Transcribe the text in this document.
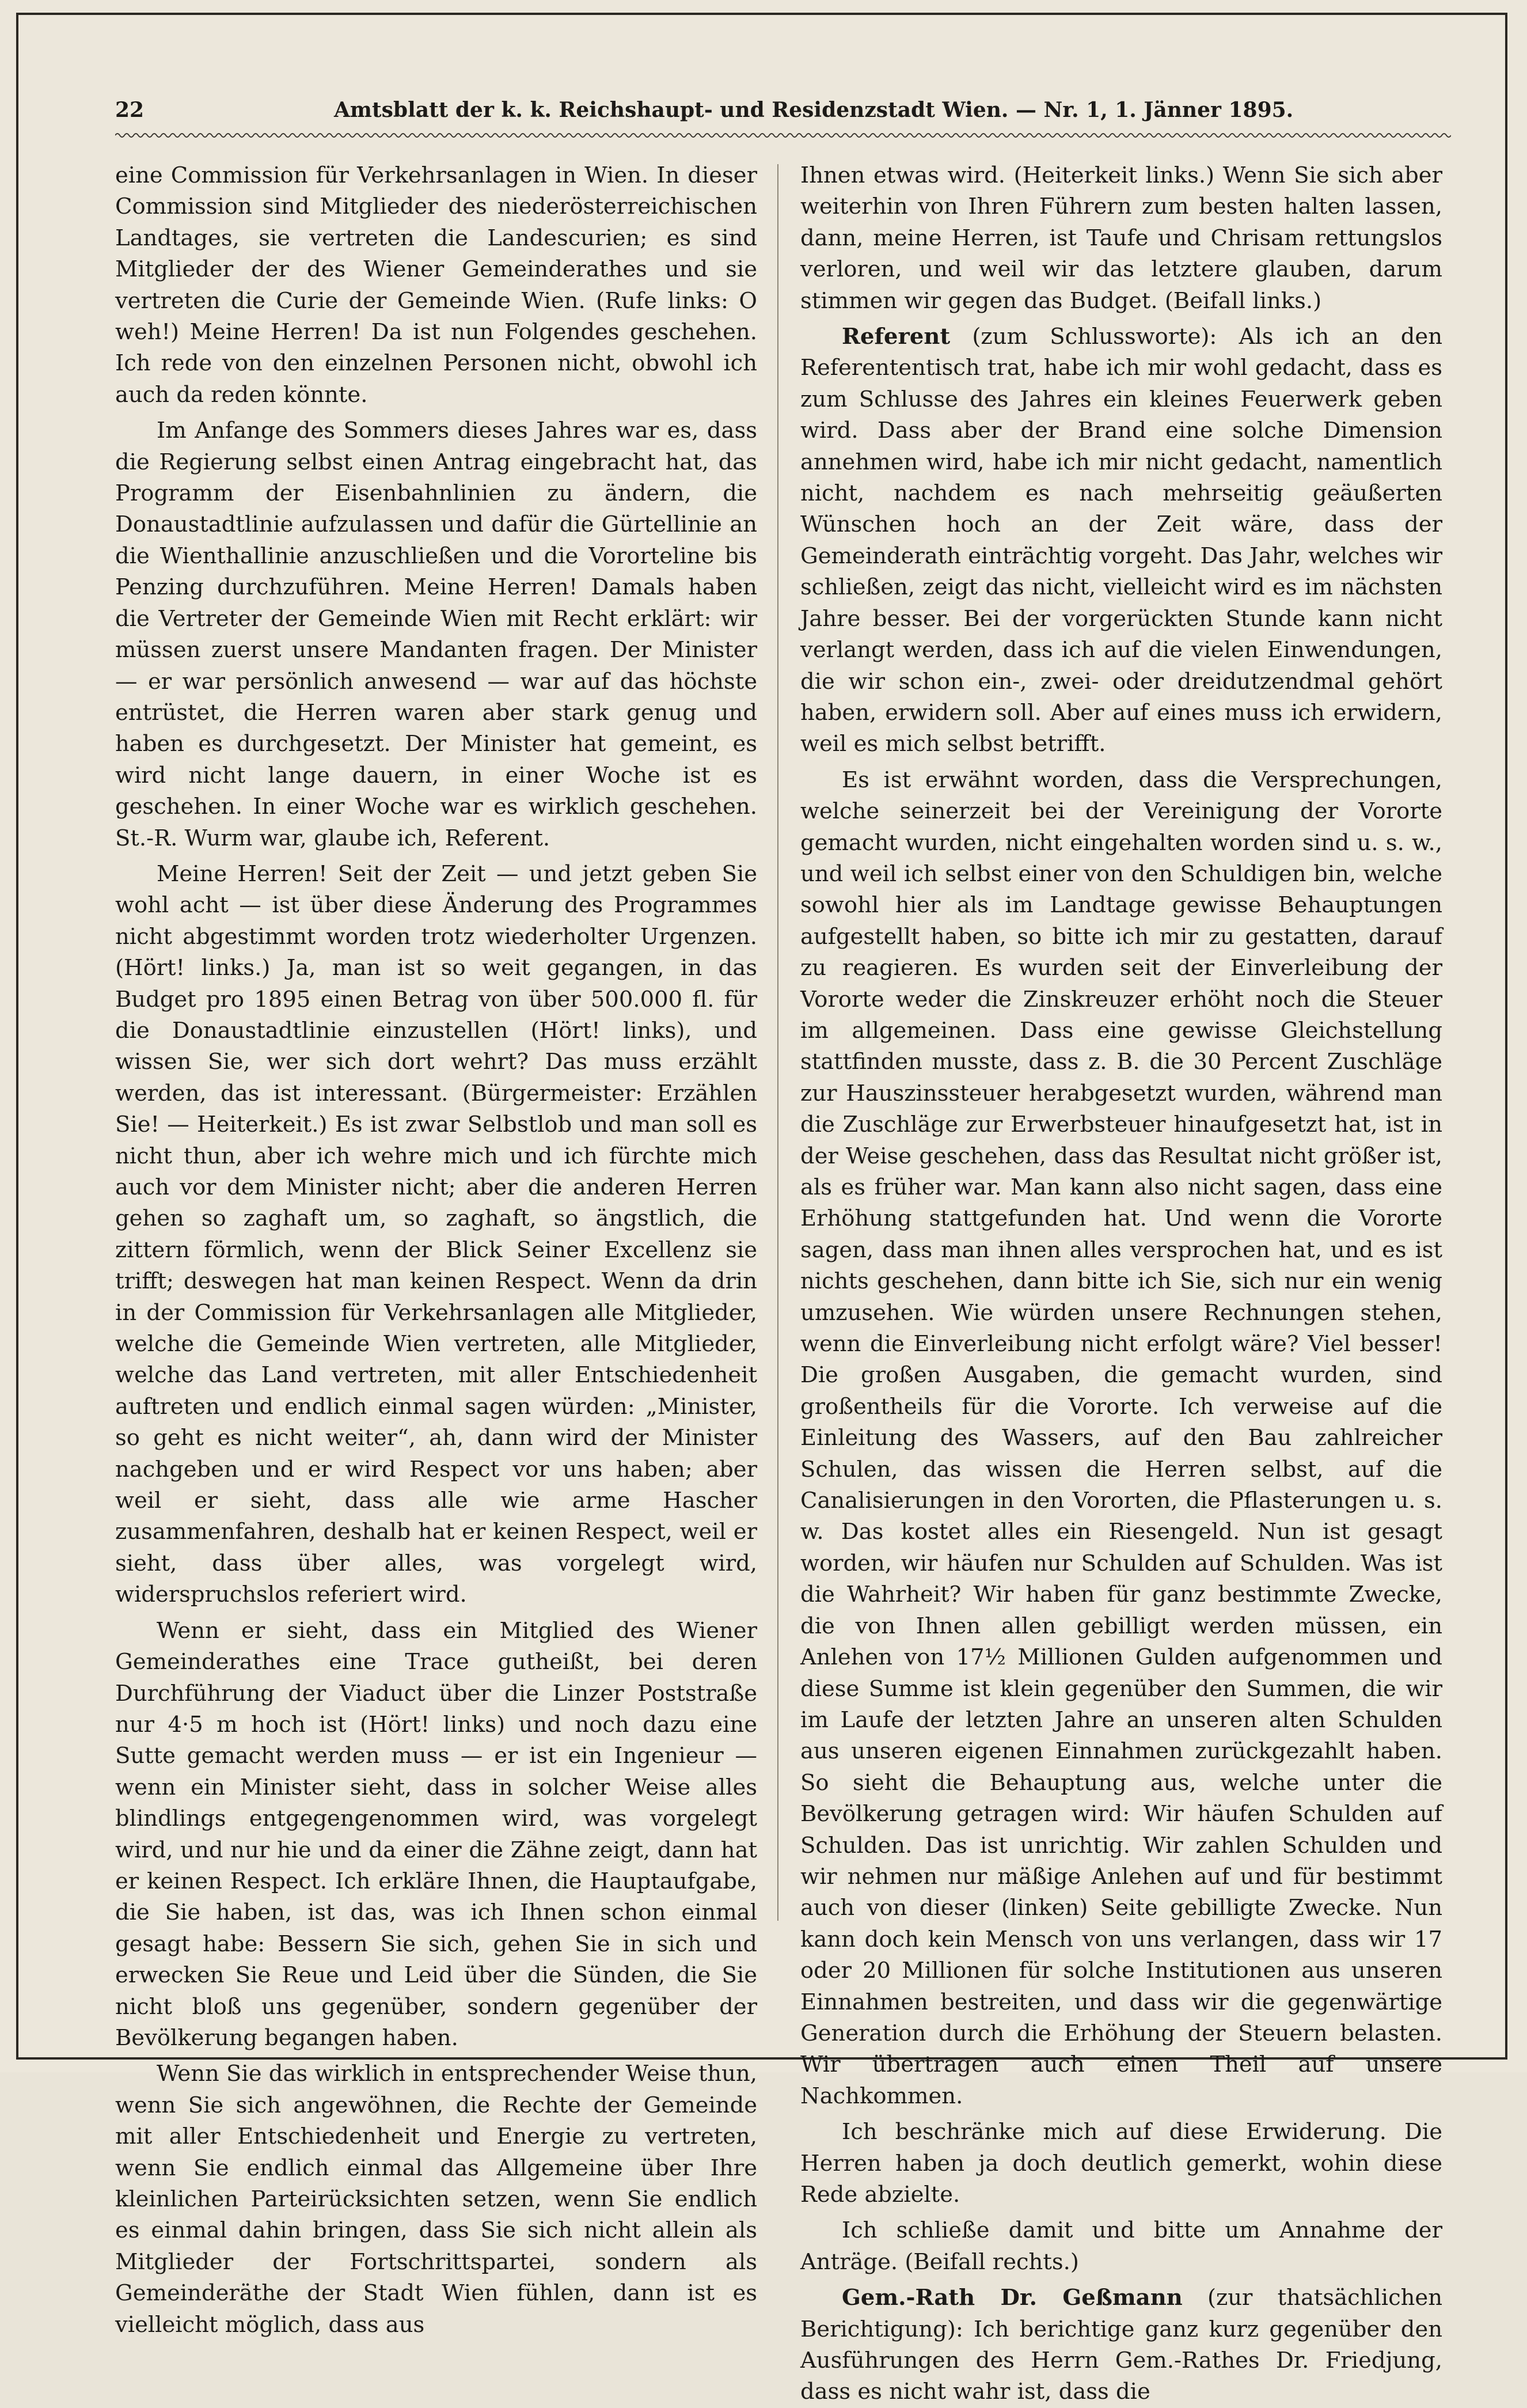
22	Amtsblatt der k. k. Reichshaupt- und Residenzstadt Wien. — Nr. 1, 1. Jänner 1895.

eine Commission für Verkehrsanlagen in Wien. In dieser Commission sind Mitglieder des niederösterreichischen Landtages, sie vertreten die Landescurien; es sind Mitglieder der des Wiener Gemeinderathes und sie vertreten die Curie der Gemeinde Wien. (Rufe links: O weh!) Meine Herren! Da ist nun Folgendes geschehen. Ich rede von den einzelnen Personen nicht, obwohl ich auch da reden könnte.

Im Anfange des Sommers dieses Jahres war es, dass die Regierung selbst einen Antrag eingebracht hat, das Programm der Eisenbahnlinien zu ändern, die Donaustadtlinie aufzulassen und dafür die Gürtellinie an die Wienthallinie anzuschließen und die Vororteline bis Penzing durchzuführen. Meine Herren! Damals haben die Vertreter der Gemeinde Wien mit Recht erklärt: wir müssen zuerst unsere Mandanten fragen. Der Minister — er war persönlich anwesend — war auf das höchste entrüstet, die Herren waren aber stark genug und haben es durchgesetzt. Der Minister hat gemeint, es wird nicht lange dauern, in einer Woche ist es geschehen. In einer Woche war es wirklich geschehen. St.-R. Wurm war, glaube ich, Referent.

Meine Herren! Seit der Zeit — und jetzt geben Sie wohl acht — ist über diese Änderung des Programmes nicht abgestimmt worden trotz wiederholter Urgenzen. (Hört! links.) Ja, man ist so weit gegangen, in das Budget pro 1895 einen Betrag von über 500.000 fl. für die Donaustadtlinie einzustellen (Hört! links), und wissen Sie, wer sich dort wehrt? Das muss erzählt werden, das ist interessant. (Bürgermeister: Erzählen Sie! — Heiterkeit.) Es ist zwar Selbstlob und man soll es nicht thun, aber ich wehre mich und ich fürchte mich auch vor dem Minister nicht; aber die anderen Herren gehen so zaghaft um, so zaghaft, so ängstlich, die zittern förmlich, wenn der Blick Seiner Excellenz sie trifft; deswegen hat man keinen Respect. Wenn da drin in der Commission für Verkehrsanlagen alle Mitglieder, welche die Gemeinde Wien vertreten, alle Mitglieder, welche das Land vertreten, mit aller Entschiedenheit auftreten und endlich einmal sagen würden: „Minister, so geht es nicht weiter“, ah, dann wird der Minister nachgeben und er wird Respect vor uns haben; aber weil er sieht, dass alle wie arme Hascher zusammenfahren, deshalb hat er keinen Respect, weil er sieht, dass über alles, was vorgelegt wird, widerspruchslos referiert wird.

Wenn er sieht, dass ein Mitglied des Wiener Gemeinderathes eine Trace gutheißt, bei deren Durchführung der Viaduct über die Linzer Poststraße nur 4·5 m hoch ist (Hört! links) und noch dazu eine Sutte gemacht werden muss — er ist ein Ingenieur — wenn ein Minister sieht, dass in solcher Weise alles blindlings entgegengenommen wird, was vorgelegt wird, und nur hie und da einer die Zähne zeigt, dann hat er keinen Respect. Ich erkläre Ihnen, die Hauptaufgabe, die Sie haben, ist das, was ich Ihnen schon einmal gesagt habe: Bessern Sie sich, gehen Sie in sich und erwecken Sie Reue und Leid über die Sünden, die Sie nicht bloß uns gegenüber, sondern gegenüber der Bevölkerung begangen haben.

Wenn Sie das wirklich in entsprechender Weise thun, wenn Sie sich angewöhnen, die Rechte der Gemeinde mit aller Entschiedenheit und Energie zu vertreten, wenn Sie endlich einmal das Allgemeine über Ihre kleinlichen Parteirücksichten setzen, wenn Sie endlich es einmal dahin bringen, dass Sie sich nicht allein als Mitglieder der Fortschrittspartei, sondern als Gemeinderäthe der Stadt Wien fühlen, dann ist es vielleicht möglich, dass aus

Ihnen etwas wird. (Heiterkeit links.) Wenn Sie sich aber weiterhin von Ihren Führern zum besten halten lassen, dann, meine Herren, ist Taufe und Chrisam rettungslos verloren, und weil wir das letztere glauben, darum stimmen wir gegen das Budget. (Beifall links.)

Referent (zum Schlussworte): Als ich an den Referententisch trat, habe ich mir wohl gedacht, dass es zum Schlusse des Jahres ein kleines Feuerwerk geben wird. Dass aber der Brand eine solche Dimension annehmen wird, habe ich mir nicht gedacht, namentlich nicht, nachdem es nach mehrseitig geäußerten Wünschen hoch an der Zeit wäre, dass der Gemeinderath einträchtig vorgeht. Das Jahr, welches wir schließen, zeigt das nicht, vielleicht wird es im nächsten Jahre besser. Bei der vorgerückten Stunde kann nicht verlangt werden, dass ich auf die vielen Einwendungen, die wir schon ein-, zwei- oder dreidutzendmal gehört haben, erwidern soll. Aber auf eines muss ich erwidern, weil es mich selbst betrifft.

Es ist erwähnt worden, dass die Versprechungen, welche seinerzeit bei der Vereinigung der Vororte gemacht wurden, nicht eingehalten worden sind u. s. w., und weil ich selbst einer von den Schuldigen bin, welche sowohl hier als im Landtage gewisse Behauptungen aufgestellt haben, so bitte ich mir zu gestatten, darauf zu reagieren. Es wurden seit der Einverleibung der Vororte weder die Zinskreuzer erhöht noch die Steuer im allgemeinen. Dass eine gewisse Gleichstellung stattfinden musste, dass z. B. die 30 Percent Zuschläge zur Hauszinssteuer herabgesetzt wurden, während man die Zuschläge zur Erwerbsteuer hinaufgesetzt hat, ist in der Weise geschehen, dass das Resultat nicht größer ist, als es früher war. Man kann also nicht sagen, dass eine Erhöhung stattgefunden hat. Und wenn die Vororte sagen, dass man ihnen alles versprochen hat, und es ist nichts geschehen, dann bitte ich Sie, sich nur ein wenig umzusehen. Wie würden unsere Rechnungen stehen, wenn die Einverleibung nicht erfolgt wäre? Viel besser! Die großen Ausgaben, die gemacht wurden, sind großentheils für die Vororte. Ich verweise auf die Einleitung des Wassers, auf den Bau zahlreicher Schulen, das wissen die Herren selbst, auf die Canalisierungen in den Vororten, die Pflasterungen u. s. w. Das kostet alles ein Riesengeld. Nun ist gesagt worden, wir häufen nur Schulden auf Schulden. Was ist die Wahrheit? Wir haben für ganz bestimmte Zwecke, die von Ihnen allen gebilligt werden müssen, ein Anlehen von 17½ Millionen Gulden aufgenommen und diese Summe ist klein gegenüber den Summen, die wir im Laufe der letzten Jahre an unseren alten Schulden aus unseren eigenen Einnahmen zurückgezahlt haben. So sieht die Behauptung aus, welche unter die Bevölkerung getragen wird: Wir häufen Schulden auf Schulden. Das ist unrichtig. Wir zahlen Schulden und wir nehmen nur mäßige Anlehen auf und für bestimmt auch von dieser (linken) Seite gebilligte Zwecke. Nun kann doch kein Mensch von uns verlangen, dass wir 17 oder 20 Millionen für solche Institutionen aus unseren Einnahmen bestreiten, und dass wir die gegenwärtige Generation durch die Erhöhung der Steuern belasten. Wir übertragen auch einen Theil auf unsere Nachkommen.

Ich beschränke mich auf diese Erwiderung. Die Herren haben ja doch deutlich gemerkt, wohin diese Rede abzielte.

Ich schließe damit und bitte um Annahme der Anträge. (Beifall rechts.)

Gem.-Rath Dr. Geßmann (zur thatsächlichen Berichtigung): Ich berichtige ganz kurz gegenüber den Ausführungen des Herrn Gem.-Rathes Dr. Friedjung, dass es nicht wahr ist, dass die
